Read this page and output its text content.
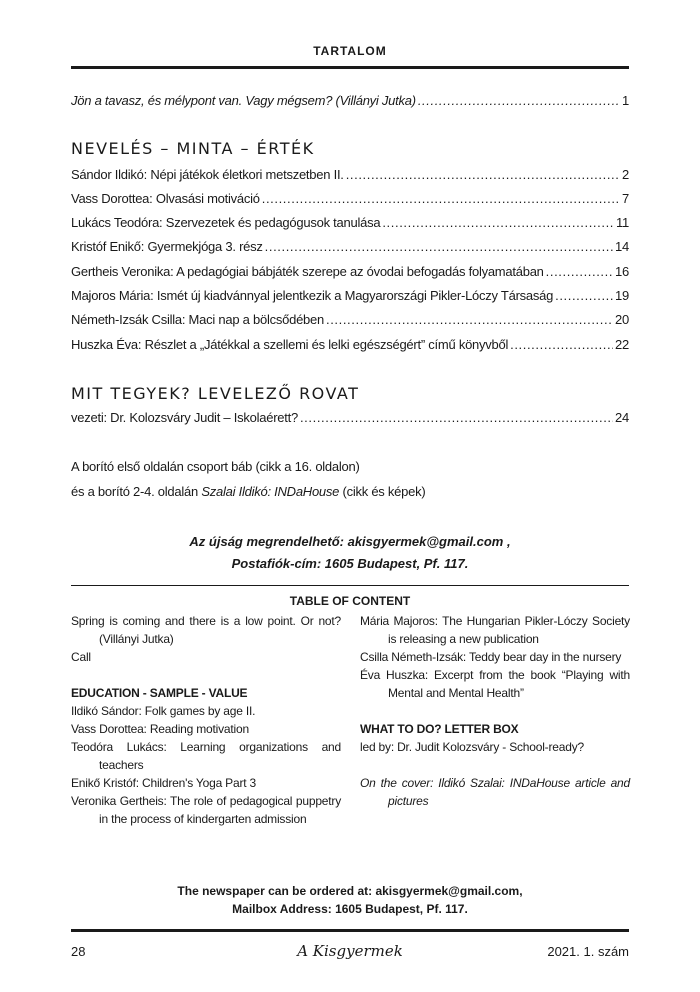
TARTALOM
Jön a tavasz, és mélypont van. Vagy mégsem? (Villányi Jutka) .....	1
NEVELÉS – MINTA – ÉRTÉK
Sándor Ildikó: Népi játékok életkori metszetben II. .....	2
Vass Dorottea: Olvasási motiváció .....	7
Lukács Teodóra: Szervezetek és pedagógusok tanulása .....	11
Kristóf Enikő: Gyermekjóga 3. rész .....	14
Gertheis Veronika: A pedagógiai bábjáték szerepe az óvodai befogadás folyamatában .....	16
Majoros Mária: Ismét új kiadvánnyal jelentkezik a Magyarországi Pikler-Lóczy Társaság .....	19
Németh-Izsák Csilla: Maci nap a bölcsődében .....	20
Huszka Éva: Részlet a „Játékkal a szellemi és lelki egészségért” című könyvből .....	22
MIT TEGYEK? LEVELEZŐ ROVAT
vezeti: Dr. Kolozsváry Judit – Iskolaérett? .....	24
A borító első oldalán csoport báb (cikk a 16. oldalon)
és a borító 2-4. oldalán Szalai Ildikó: INDaHouse (cikk és képek)
Az újság megrendelhető: akisgyermek@gmail.com ,
Postafiók-cím: 1605 Budapest, Pf. 117.
TABLE OF CONTENT
Spring is coming and there is a low point. Or not? (Villányi Jutka)
Call
EDUCATION - SAMPLE - VALUE
Ildikó Sándor: Folk games by age II.
Vass Dorottea: Reading motivation
Teodóra Lukács: Learning organizations and teachers
Enikő Kristóf: Children's Yoga Part 3
Veronika Gertheis: The role of pedagogical puppetry in the process of kindergarten admission
Mária Majoros: The Hungarian Pikler-Lóczy Society is releasing a new publication
Csilla Németh-Izsák: Teddy bear day in the nursery
Éva Huszka: Excerpt from the book “Playing with Mental and Mental Health”
WHAT TO DO? LETTER BOX
led by: Dr. Judit Kolozsváry - School-ready?
On the cover: Ildikó Szalai: INDaHouse article and pictures
The newspaper can be ordered at: akisgyermek@gmail.com,
Mailbox Address: 1605 Budapest, Pf. 117.
28	A Kisgyermek	2021. 1. szám
